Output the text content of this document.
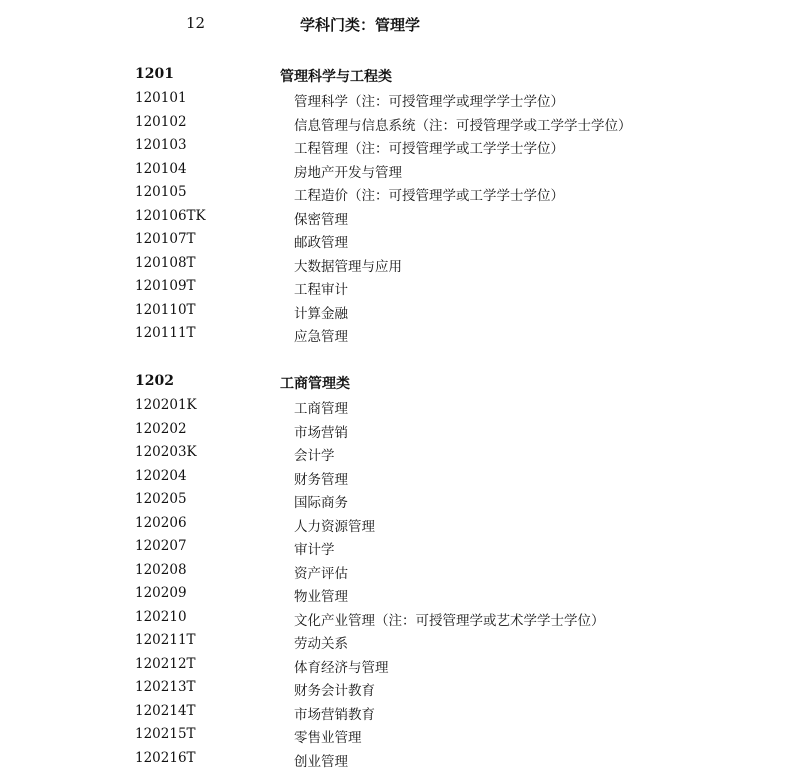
12	学科门类：管理学
1201	管理科学与工程类
120101	管理科学（注：可授管理学或理学学士学位）
120102	信息管理与信息系统（注：可授管理学或工学学士学位）
120103	工程管理（注：可授管理学或工学学士学位）
120104	房地产开发与管理
120105	工程造价（注：可授管理学或工学学士学位）
120106TK	保密管理
120107T	邮政管理
120108T	大数据管理与应用
120109T	工程审计
120110T	计算金融
120111T	应急管理
1202	工商管理类
120201K	工商管理
120202	市场营销
120203K	会计学
120204	财务管理
120205	国际商务
120206	人力资源管理
120207	审计学
120208	资产评估
120209	物业管理
120210	文化产业管理（注：可授管理学或艺术学学士学位）
120211T	劳动关系
120212T	体育经济与管理
120213T	财务会计教育
120214T	市场营销教育
120215T	零售业管理
120216T	创业管理
